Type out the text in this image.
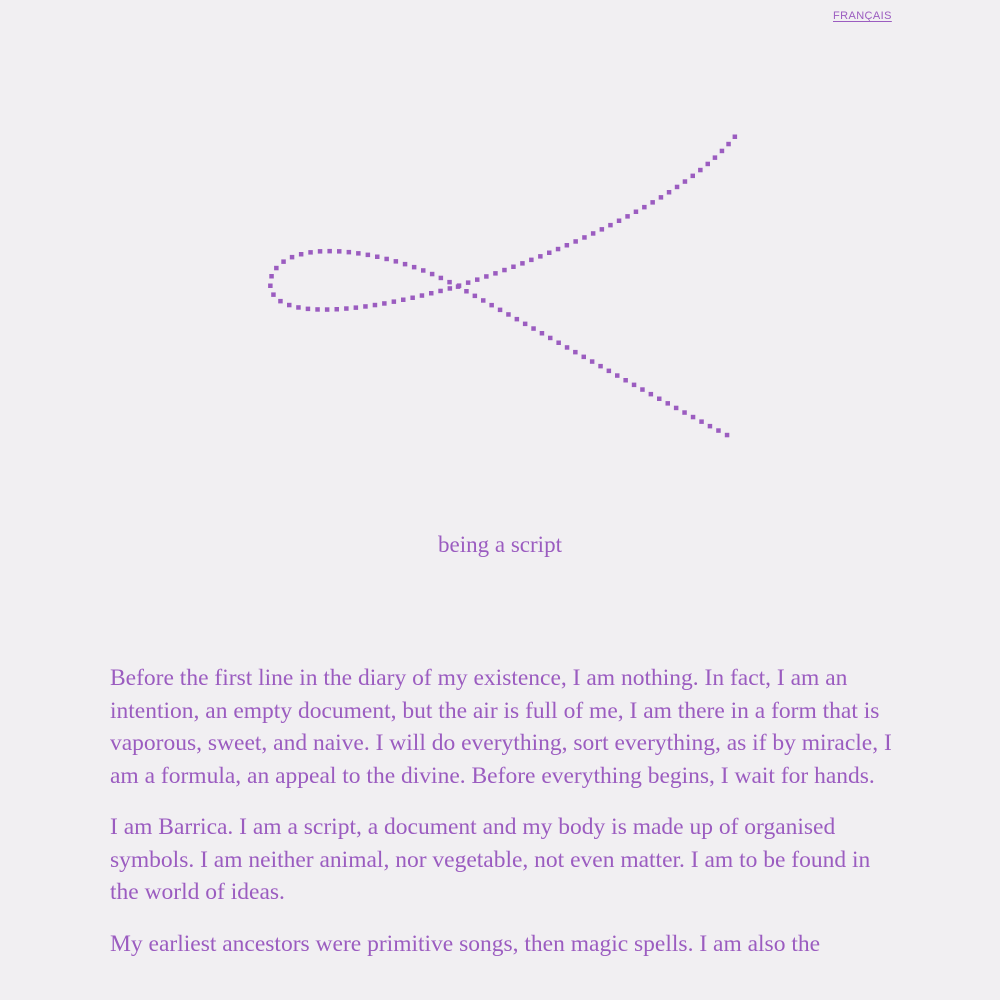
FRANÇAIS
being a script

Before the first line in the diary of my existence, I am nothing. In fact, I am an intention, an empty document, but the air is full of me, I am there in a form that is vaporous, sweet, and naive. I will do everything, sort everything, as if by miracle, I am a formula, an appeal to the divine. Before everything begins, I wait for hands.

I am Barrica. I am a script, a document and my body is made up of organised symbols. I am neither animal, nor vegetable, not even matter. I am to be found in the world of ideas.

My earliest ancestors were primitive songs, then magic spells. I am also the
